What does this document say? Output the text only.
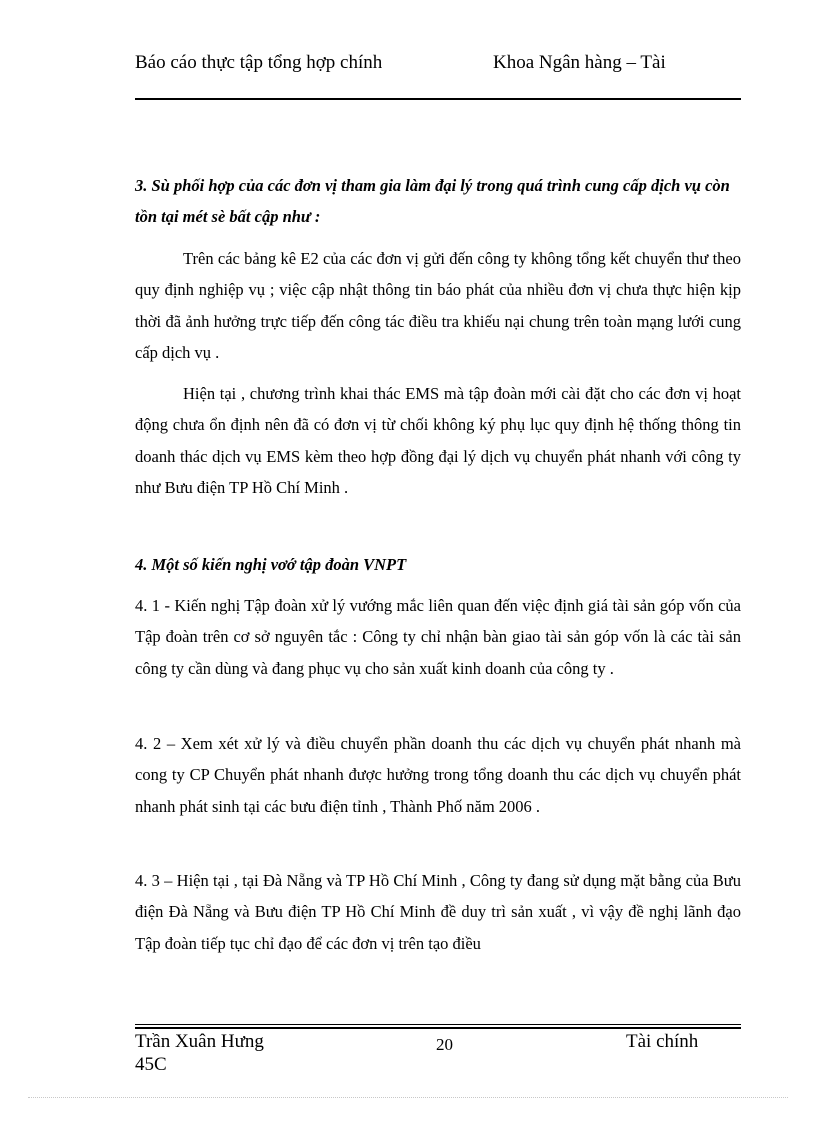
Báo cáo thực tập tổng hợp chính	Khoa Ngân hàng – Tài
3. Sù phối hợp của các đơn vị tham gia làm đại lý trong quá trình cung cấp dịch vụ còn tồn tại mét sè bất cập như :
Trên các bảng kê E2 của các đơn vị gửi đến công ty không tổng kết chuyển thư theo quy định nghiệp vụ ; việc cập nhật thông tin báo phát của nhiều đơn vị chưa thực hiện kịp thời đã ảnh hưởng trực tiếp đến công tác điều tra khiếu nại chung trên toàn mạng lưới cung cấp dịch vụ .
Hiện tại , chương trình khai thác EMS mà tập đoàn mới cài đặt cho các đơn vị hoạt động chưa ổn định nên đã có đơn vị từ chối không ký phụ lục quy định hệ thống thông tin doanh thác dịch vụ EMS kèm theo hợp đồng đại lý dịch vụ chuyển phát nhanh với công ty như Bưu điện TP Hồ Chí Minh .
4. Một số kiến nghị vơớ tập đoàn VNPT
4. 1 - Kiến nghị Tập đoàn xử lý vướng mắc liên quan đến việc định giá tài sản góp vốn của Tập đoàn trên cơ sở nguyên tắc : Công ty chỉ nhận bàn giao tài sản góp vốn là các tài sản công ty cần dùng và đang phục vụ cho sản xuất kinh doanh của công ty .
4. 2 – Xem xét xử lý và điều chuyển phần doanh thu các dịch vụ chuyển phát nhanh mà cong ty CP Chuyển phát nhanh được hưởng trong tổng doanh thu các dịch vụ chuyển phát nhanh phát sinh tại các bưu điện tỉnh , Thành Phố năm 2006 .
4. 3 – Hiện tại , tại Đà Nẵng và TP Hồ Chí Minh , Công ty đang sử dụng mặt bằng của Bưu điện Đà Nẵng và Bưu điện TP Hồ Chí Minh đề duy trì sản xuất , vì vậy đề nghị lãnh đạo Tập đoàn tiếp tục chỉ đạo để các đơn vị trên tạo điều
Trần Xuân Hưng 45C
20	Tài chính
